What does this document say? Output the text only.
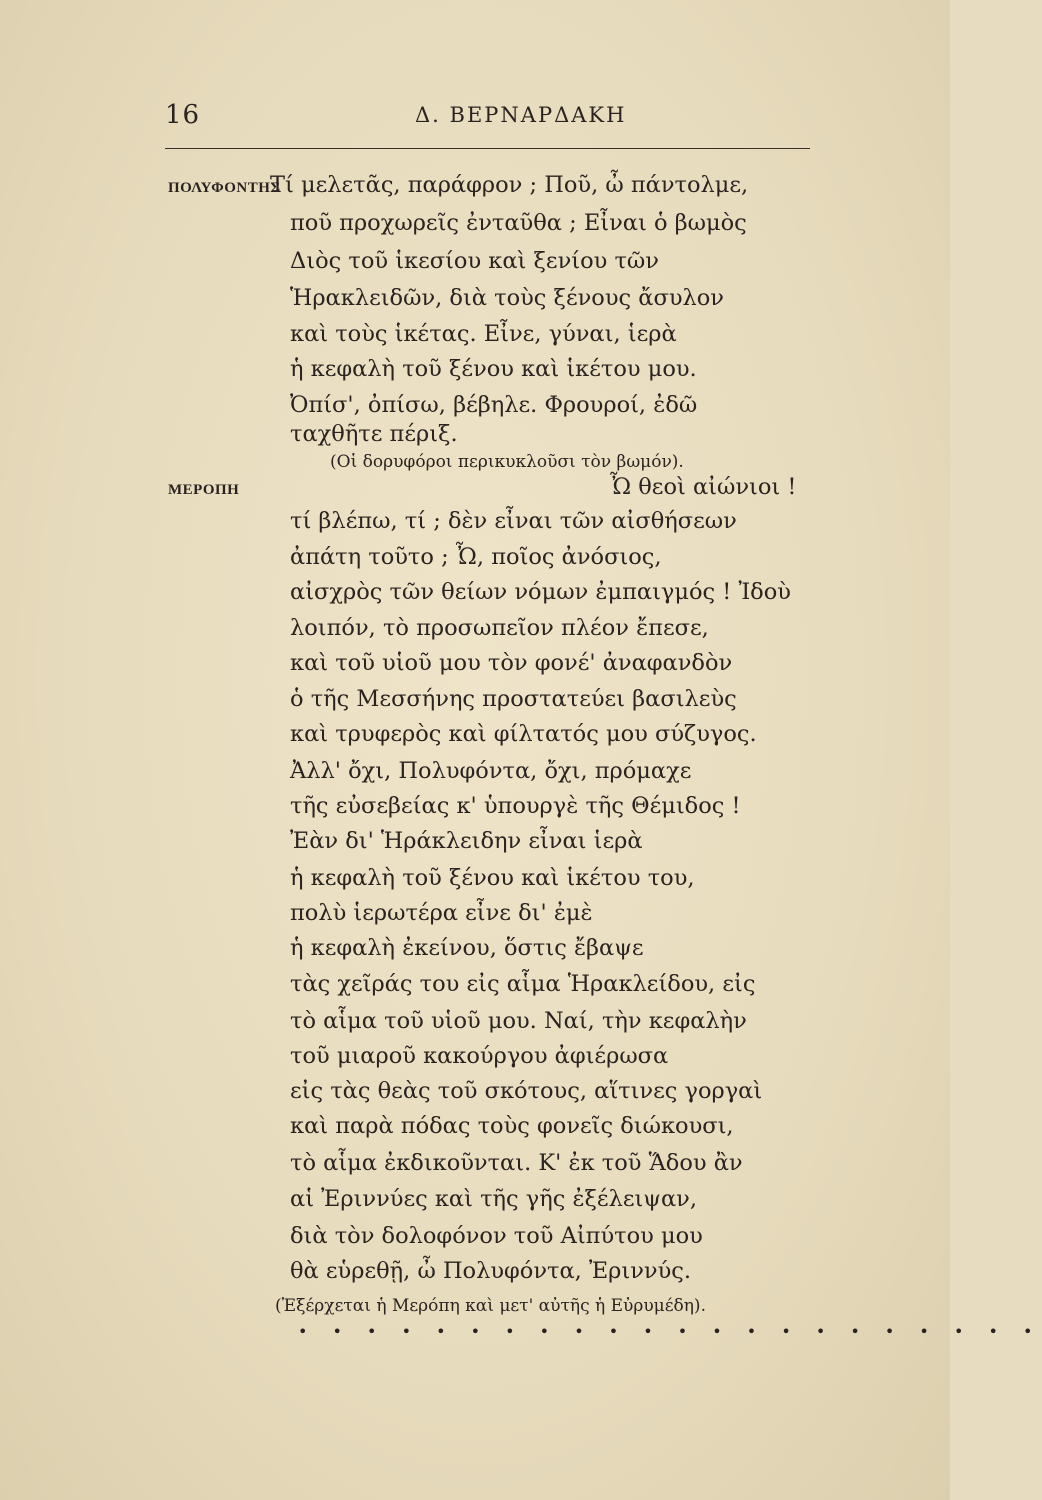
16	Δ. ΒΕΡΝΑΡΔΑΚΗ
ΠΟΛΥΦΟΝΤΗΣ
Τί μελετᾶς, παράφρον ; Ποῦ, ὦ πάντολμε,
ποῦ προχωρεῖς ἐνταῦθα ; Εἶναι ὁ βωμὸς
Διὸς τοῦ ἱκεσίου καὶ ξενίου τῶν
Ἡρακλειδῶν, διὰ τοὺς ξένους ἄσυλον
καὶ τοὺς ἱκέτας. Εἶνε, γύναι, ἱερὰ
ἡ κεφαλὴ τοῦ ξένου καὶ ἱκέτου μου.
Ὀπίσ', ὀπίσω, βέβηλε. Φρουροί, ἐδῶ
ταχθῆτε πέριξ.
(Οἱ δορυφόροι περικυκλοῦσι τὸν βωμόν).
ΜΕΡΟΠΗ	Ὦ θεοὶ αἰώνιοι !
τί βλέπω, τί ; δὲν εἶναι τῶν αἰσθήσεων
ἀπάτη τοῦτο ; Ὦ, ποῖος ἀνόσιος,
αἰσχρὸς τῶν θείων νόμων ἐμπαιγμός ! Ἰδοὺ
λοιπόν, τὸ προσωπεῖον πλέον ἔπεσε,
καὶ τοῦ υἱοῦ μου τὸν φονέ' ἀναφανδὸν
ὁ τῆς Μεσσήνης προστατεύει βασιλεὺς
καὶ τρυφερὸς καὶ φίλτατός μου σύζυγος.
Ἀλλ' ὄχι, Πολυφόντα, ὄχι, πρόμαχε
τῆς εὐσεβείας κ' ὑπουργὲ τῆς Θέμιδος !
Ἐὰν δι' Ἡράκλειδην εἶναι ἱερὰ
ἡ κεφαλὴ τοῦ ξένου καὶ ἱκέτου του,
πολὺ ἱερωτέρα εἶνε δι' ἐμὲ
ἡ κεφαλὴ ἐκείνου, ὅστις ἔβαψε
τὰς χεῖράς του εἰς αἷμα Ἡρακλείδου, εἰς
τὸ αἷμα τοῦ υἱοῦ μου. Ναί, τὴν κεφαλὴν
τοῦ μιαροῦ κακούργου ἀφιέρωσα
εἰς τὰς θεὰς τοῦ σκότους, αἵτινες γοργαὶ
καὶ παρὰ πόδας τοὺς φονεῖς διώκουσι,
τὸ αἷμα ἐκδικοῦνται. Κ' ἐκ τοῦ Ἅδου ἂν
αἱ Ἐριννύες καὶ τῆς γῆς ἐξέλειψαν,
διὰ τὸν δολοφόνον τοῦ Αἰπύτου μου
θὰ εὑρεθῇ, ὦ Πολυφόντα, Ἐριννύς.
(Ἐξέρχεται ἡ Μερόπη καὶ μετ' αὐτῆς ἡ Εὐρυμέδη).
• • • • • • • • • • • • • • • • • • • • • •
